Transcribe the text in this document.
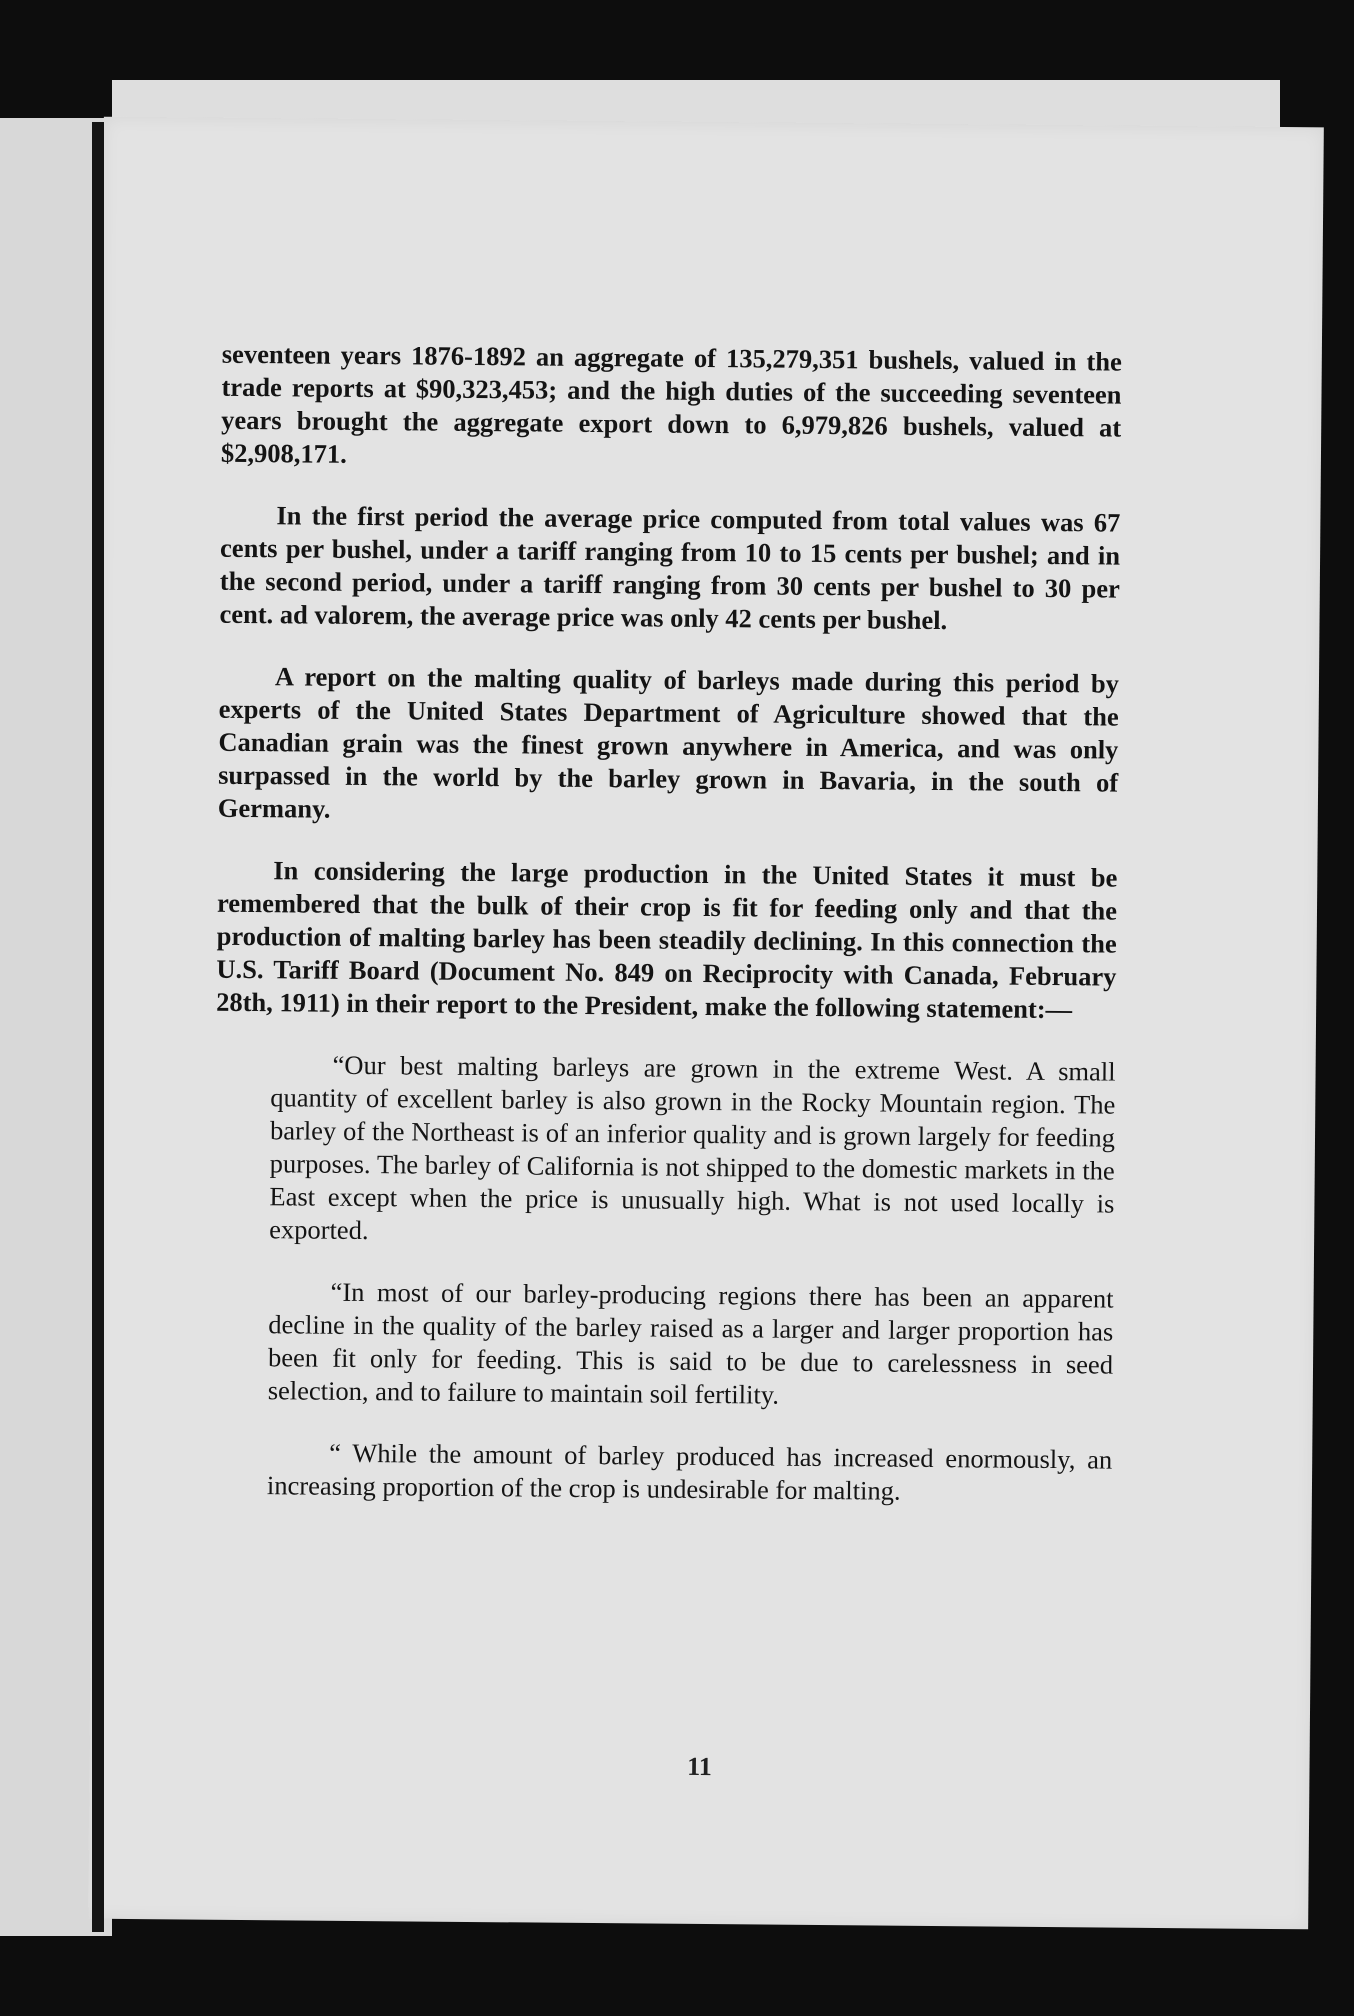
seventeen years 1876-1892 an aggregate of 135,279,351 bushels, valued in the trade reports at $90,323,453; and the high duties of the succeeding seventeen years brought the aggregate export down to 6,979,826 bushels, valued at $2,908,171.

In the first period the average price computed from total values was 67 cents per bushel, under a tariff ranging from 10 to 15 cents per bushel; and in the second period, under a tariff ranging from 30 cents per bushel to 30 per cent. ad valorem, the average price was only 42 cents per bushel.

A report on the malting quality of barleys made during this period by experts of the United States Department of Agriculture showed that the Canadian grain was the finest grown anywhere in America, and was only surpassed in the world by the barley grown in Bavaria, in the south of Germany.

In considering the large production in the United States it must be remembered that the bulk of their crop is fit for feeding only and that the production of malting barley has been steadily declining. In this connection the U.S. Tariff Board (Document No. 849 on Reciprocity with Canada, February 28th, 1911) in their report to the President, make the following statement:—

“Our best malting barleys are grown in the extreme West. A small quantity of excellent barley is also grown in the Rocky Mountain region. The barley of the Northeast is of an inferior quality and is grown largely for feeding purposes. The barley of California is not shipped to the domestic markets in the East except when the price is unusually high. What is not used locally is exported.

“In most of our barley-producing regions there has been an apparent decline in the quality of the barley raised as a larger and larger proportion has been fit only for feeding. This is said to be due to carelessness in seed selection, and to failure to maintain soil fertility.

“ While the amount of barley produced has increased enormously, an increasing proportion of the crop is undesirable for malting.

11
